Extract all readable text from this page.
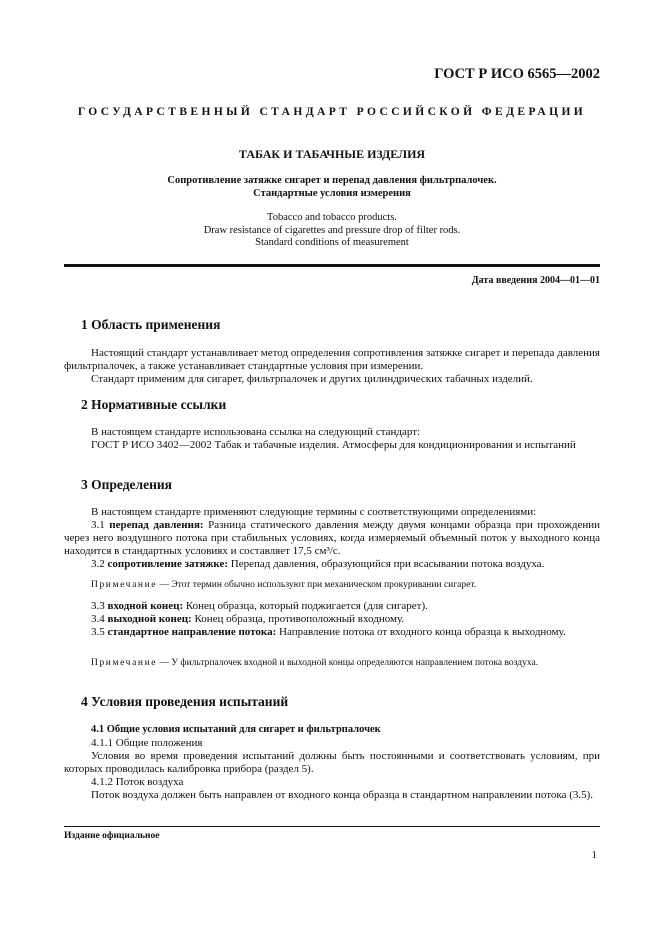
ГОСТ Р ИСО 6565—2002
ГОСУДАРСТВЕННЫЙ СТАНДАРТ РОССИЙСКОЙ ФЕДЕРАЦИИ
ТАБАК И ТАБАЧНЫЕ ИЗДЕЛИЯ
Сопротивление затяжке сигарет и перепад давления фильтрпалочек.
Стандартные условия измерения
Tobacco and tobacco products.
Draw resistance of cigarettes and pressure drop of filter rods.
Standard conditions of measurement
Дата введения 2004—01—01
1 Область применения
Настоящий стандарт устанавливает метод определения сопротивления затяжке сигарет и перепада давления фильтрпалочек, а также устанавливает стандартные условия при измерении.
Стандарт применим для сигарет, фильтрпалочек и других цилиндрических табачных изделий.
2 Нормативные ссылки
В настоящем стандарте использована ссылка на следующий стандарт:
ГОСТ Р ИСО 3402—2002 Табак и табачные изделия. Атмосферы для кондиционирования и испытаний
3 Определения
В настоящем стандарте применяют следующие термины с соответствующими определениями:
3.1 перепад давления: Разница статического давления между двумя концами образца при прохождении через него воздушного потока при стабильных условиях, когда измеряемый объемный поток у выходного конца находится в стандартных условиях и составляет 17,5 см³/с.
3.2 сопротивление затяжке: Перепад давления, образующийся при всасывании потока воздуха.
Примечание — Этот термин обычно используют при механическом прокуривании сигарет.
3.3 входной конец: Конец образца, который поджигается (для сигарет).
3.4 выходной конец: Конец образца, противоположный входному.
3.5 стандартное направление потока: Направление потока от входного конца образца к выходному.
Примечание — У фильтрпалочек входной и выходной концы определяются направлением потока воздуха.
4 Условия проведения испытаний
4.1 Общие условия испытаний для сигарет и фильтрпалочек
4.1.1 Общие положения
Условия во время проведения испытаний должны быть постоянными и соответствовать условиям, при которых проводилась калибровка прибора (раздел 5).
4.1.2 Поток воздуха
Поток воздуха должен быть направлен от входного конца образца в стандартном направлении потока (3.5).
Издание официальное
1
